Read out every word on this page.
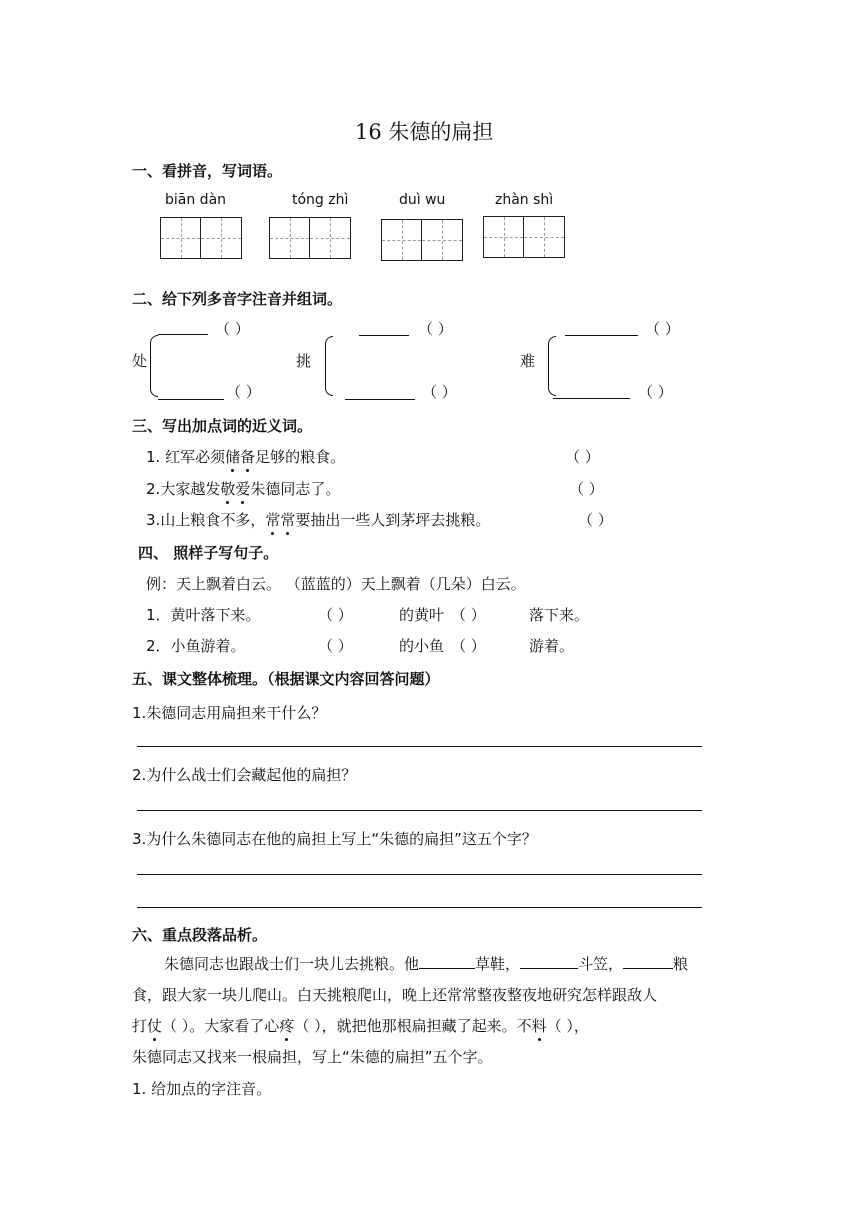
16 朱德的扁担
一、看拼音，写词语。
biān dàn	tóng zhì	duì wu	zhàn shì
二、给下列多音字注音并组词。
处
（ ）
（ ）
挑
（ ）
（ ）
难
（ ）
（ ）
三、写出加点词的近义词。
1. 红军必须储备足够的粮食。	（ ）
2.大家越发敬爱朱德同志了。	（ ）
3.山上粮食不多，常常要抽出一些人到茅坪去挑粮。	（ ）
四、 照样子写句子。
例：天上飘着白云。 （蓝蓝的）天上飘着（几朵）白云。
1．黄叶落下来。	（ ）	的黄叶 （ ）	落下来。
2．小鱼游着。	（ ）	的小鱼 （ ）	游着。
五、课文整体梳理。（根据课文内容回答问题）
1.朱德同志用扁担来干什么？
2.为什么战士们会藏起他的扁担？
3.为什么朱德同志在他的扁担上写上“朱德的扁担”这五个字？
六、重点段落品析。
朱德同志也跟战士们一块儿去挑粮。他	草鞋，	斗笠，	粮
食，跟大家一块儿爬山。白天挑粮爬山，晚上还常常整夜整夜地研究怎样跟敌人
打仗（ ）。大家看了心疼（ ），就把他那根扁担藏了起来。不料（ ），
朱德同志又找来一根扁担，写上“朱德的扁担”五个字。
1. 给加点的字注音。
